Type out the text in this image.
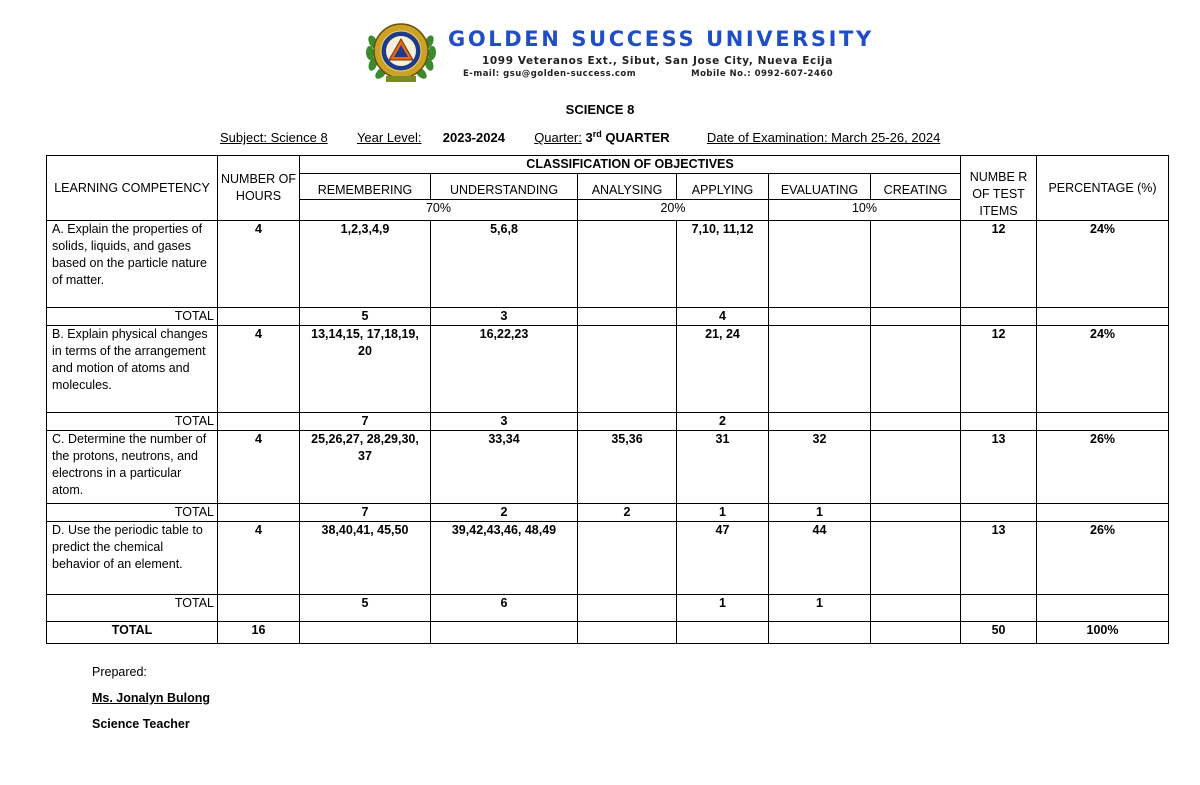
GOLDEN SUCCESS UNIVERSITY
1099 Veteranos Ext., Sibut, San Jose City, Nueva Ecija
E-mail: gsu@golden-success.com	Mobile No.: 0992-607-2460
SCIENCE 8
Subject: Science 8 Year Level: 2023-2024 Quarter: 3rd QUARTER	Date of Examination: March 25-26, 2024
LEARNING COMPETENCY	NUMBER OF HOURS	CLASSIFICATION OF OBJECTIVES						NUMBE R OF TEST ITEMS	PERCENTAGE (%)
		REMEMBERING	UNDERSTANDING	ANALYSING	APPLYING	EVALUATING	CREATING		
		70%		20%		10%			
A. Explain the properties of solids, liquids, and gases based on the particle nature of matter.	4	1,2,3,4,9	5,6,8		7,10, 11,12			12	24%
TOTAL		5	3		4				
B. Explain physical changes in terms of the arrangement and motion of atoms and molecules.	4	13,14,15, 17,18,19, 20	16,22,23		21, 24			12	24%
TOTAL		7	3		2				
C. Determine the number of the protons, neutrons, and electrons in a particular atom.	4	25,26,27, 28,29,30, 37	33,34	35,36	31	32		13	26%
TOTAL		7	2	2	1	1			
D. Use the periodic table to predict the chemical behavior of an element.	4	38,40,41, 45,50	39,42,43,46, 48,49		47	44		13	26%
TOTAL		5	6		1	1			
TOTAL	16							50	100%
Prepared:
Ms. Jonalyn Bulong
Science Teacher
